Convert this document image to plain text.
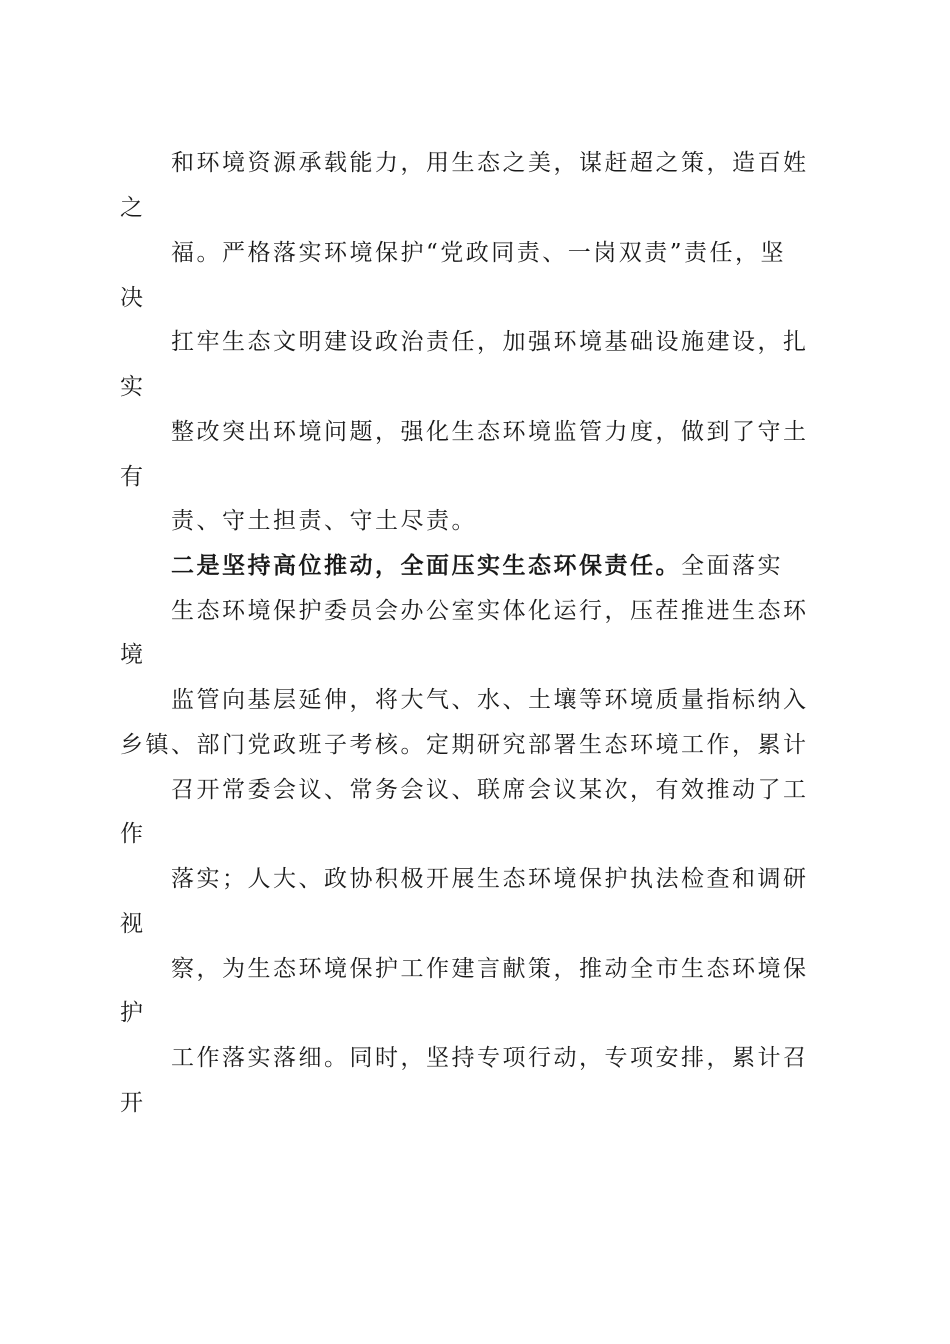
和环境资源承载能力，用生态之美，谋赶超之策，造百姓
之
福。严格落实环境保护“党政同责、一岗双责”责任，坚
决
扛牢生态文明建设政治责任，加强环境基础设施建设，扎
实
整改突出环境问题，强化生态环境监管力度，做到了守土
有
责、守土担责、守土尽责。
二是坚持高位推动，全面压实生态环保责任。全面落实
生态环境保护委员会办公室实体化运行，压茬推进生态环
境
监管向基层延伸，将大气、水、土壤等环境质量指标纳入
乡镇、部门党政班子考核。定期研究部署生态环境工作，累计
召开常委会议、常务会议、联席会议某次，有效推动了工
作
落实；人大、政协积极开展生态环境保护执法检查和调研
视
察，为生态环境保护工作建言献策，推动全市生态环境保
护
工作落实落细。同时，坚持专项行动，专项安排，累计召
开
